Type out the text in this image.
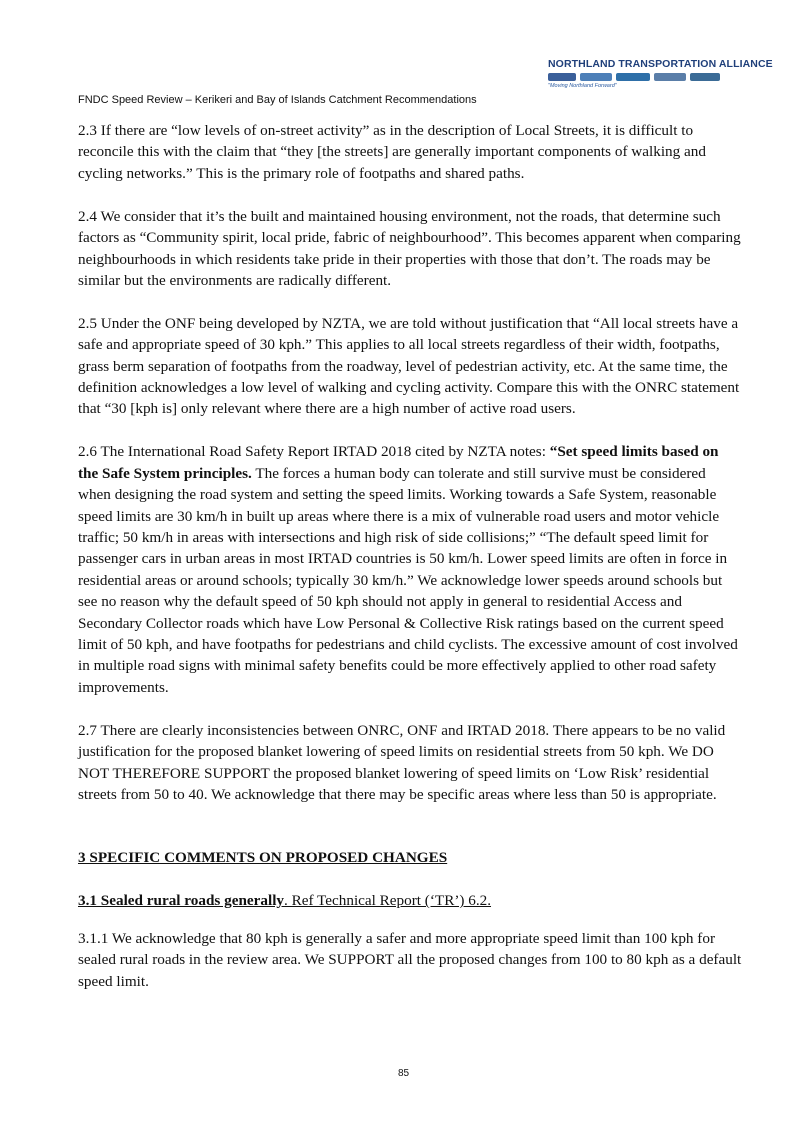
NORTHLAND TRANSPORTATION ALLIANCE
"Moving Northland Forward"
FNDC Speed Review – Kerikeri and Bay of Islands Catchment Recommendations

2.3 If there are “low levels of on-street activity” as in the description of Local Streets, it is difficult to reconcile this with the claim that “they [the streets] are generally important components of walking and cycling networks.” This is the primary role of footpaths and shared paths.

2.4 We consider that it’s the built and maintained housing environment, not the roads, that determine such factors as “Community spirit, local pride, fabric of neighbourhood”. This becomes apparent when comparing neighbourhoods in which residents take pride in their properties with those that don’t. The roads may be similar but the environments are radically different.

2.5 Under the ONF being developed by NZTA, we are told without justification that “All local streets have a safe and appropriate speed of 30 kph.” This applies to all local streets regardless of their width, footpaths, grass berm separation of footpaths from the roadway, level of pedestrian activity, etc. At the same time, the definition acknowledges a low level of walking and cycling activity. Compare this with the ONRC statement that “30 [kph is] only relevant where there are a high number of active road users.

2.6 The International Road Safety Report IRTAD 2018 cited by NZTA notes: “Set speed limits based on the Safe System principles. The forces a human body can tolerate and still survive must be considered when designing the road system and setting the speed limits. Working towards a Safe System, reasonable speed limits are 30 km/h in built up areas where there is a mix of vulnerable road users and motor vehicle traffic; 50 km/h in areas with intersections and high risk of side collisions;” “The default speed limit for passenger cars in urban areas in most IRTAD countries is 50 km/h. Lower speed limits are often in force in residential areas or around schools; typically 30 km/h.” We acknowledge lower speeds around schools but see no reason why the default speed of 50 kph should not apply in general to residential Access and Secondary Collector roads which have Low Personal & Collective Risk ratings based on the current speed limit of 50 kph, and have footpaths for pedestrians and child cyclists. The excessive amount of cost involved in multiple road signs with minimal safety benefits could be more effectively applied to other road safety improvements.

2.7 There are clearly inconsistencies between ONRC, ONF and IRTAD 2018. There appears to be no valid justification for the proposed blanket lowering of speed limits on residential streets from 50 kph. We DO NOT THEREFORE SUPPORT the proposed blanket lowering of speed limits on ‘Low Risk’ residential streets from 50 to 40. We acknowledge that there may be specific areas where less than 50 is appropriate.

3 SPECIFIC COMMENTS ON PROPOSED CHANGES

3.1 Sealed rural roads generally. Ref Technical Report (‘TR’) 6.2.

3.1.1 We acknowledge that 80 kph is generally a safer and more appropriate speed limit than 100 kph for sealed rural roads in the review area. We SUPPORT all the proposed changes from 100 to 80 kph as a default speed limit.

85
